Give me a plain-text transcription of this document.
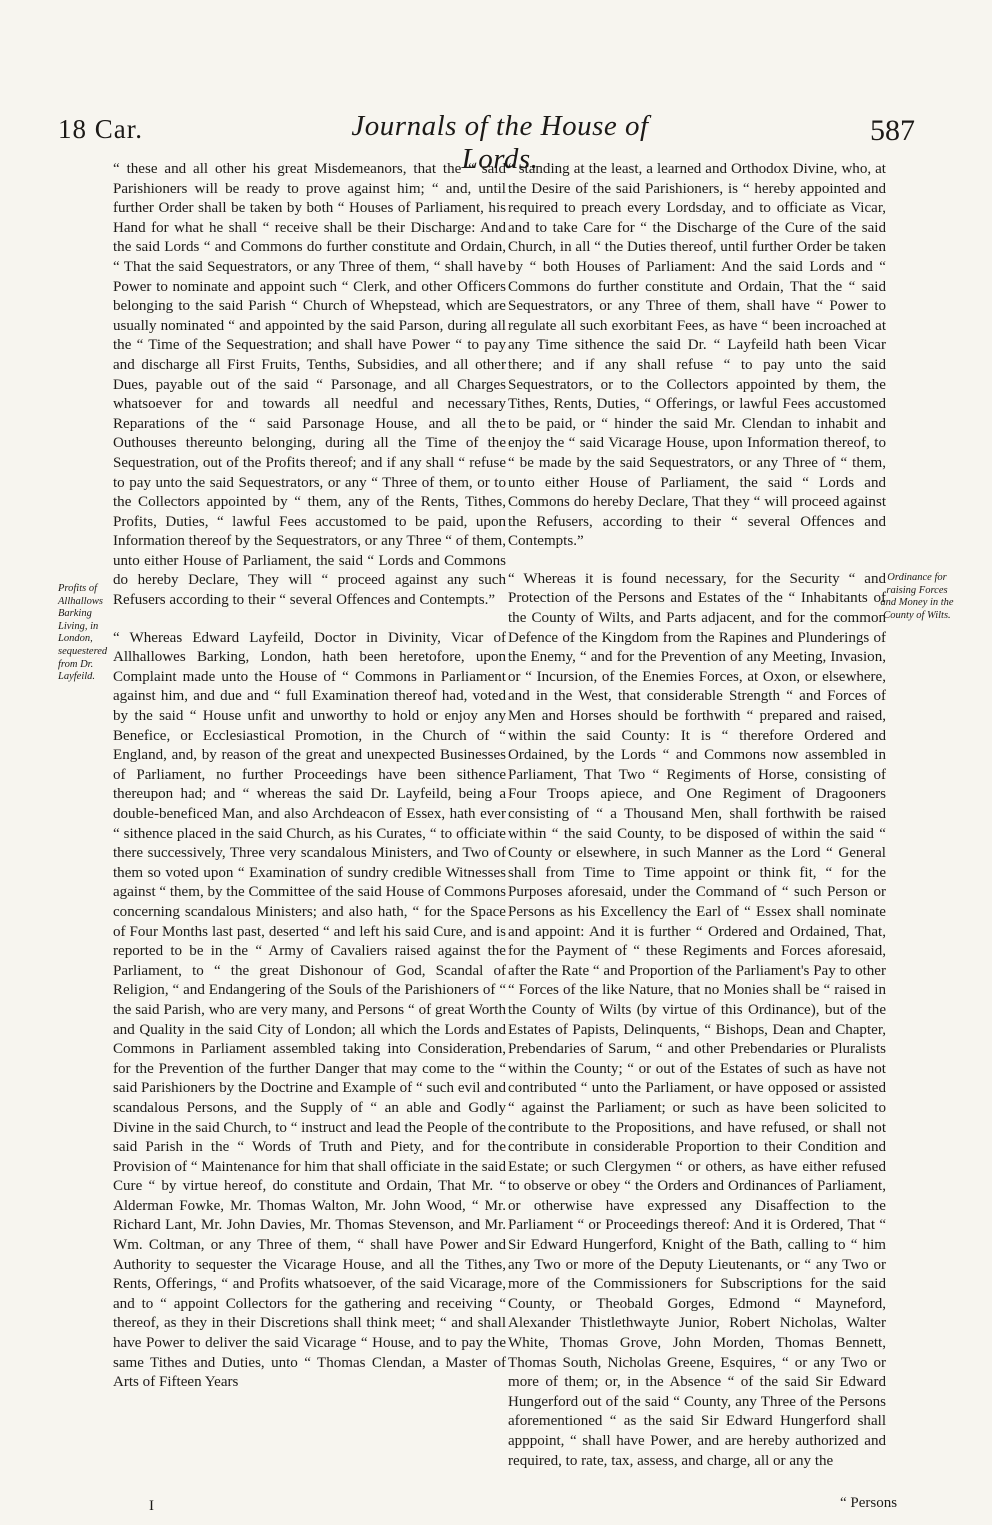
18 Car.	Journals of the House of Lords.
587

“ these and all other his great Misdemeanors, that the “ said Parishioners will be ready to prove against him; “ and, until further Order shall be taken by both “ Houses of Parliament, his Hand for what he shall “ receive shall be their Discharge: And the said Lords “ and Commons do further constitute and Ordain, “ That the said Sequestrators, or any Three of them, “ shall have Power to nominate and appoint such “ Clerk, and other Officers belonging to the said Parish “ Church of Whepstead, which are usually nominated “ and appointed by the said Parson, during all the “ Time of the Sequestration; and shall have Power “ to pay and discharge all First Fruits, Tenths, Subsidies, and all other Dues, payable out of the said “ Parsonage, and all Charges whatsoever for and towards all needful and necessary Reparations of the “ said Parsonage House, and all the Outhouses thereunto belonging, during all the Time of the Sequestration, out of the Profits thereof; and if any shall “ refuse to pay unto the said Sequestrators, or any “ Three of them, or to the Collectors appointed by “ them, any of the Rents, Tithes, Profits, Duties, “ lawful Fees accustomed to be paid, upon Information thereof by the Sequestrators, or any Three “ of them, unto either House of Parliament, the said “ Lords and Commons do hereby Declare, They will “ proceed against any such Refusers according to their “ several Offences and Contempts.”

“ Whereas Edward Layfeild, Doctor in Divinity, Vicar of Allhallowes Barking, London, hath been heretofore, upon Complaint made unto the House of “ Commons in Parliament against him, and due and “ full Examination thereof had, voted by the said “ House unfit and unworthy to hold or enjoy any Benefice, or Ecclesiastical Promotion, in the Church of “ England, and, by reason of the great and unexpected Businesses of Parliament, no further Proceedings have been sithence thereupon had; and “ whereas the said Dr. Layfeild, being a double-beneficed Man, and also Archdeacon of Essex, hath ever “ sithence placed in the said Church, as his Curates, “ to officiate there successively, Three very scandalous Ministers, and Two of them so voted upon “ Examination of sundry credible Witnesses against “ them, by the Committee of the said House of Commons concerning scandalous Ministers; and also hath, “ for the Space of Four Months last past, deserted “ and left his said Cure, and is reported to be in the “ Army of Cavaliers raised against the Parliament, to “ the great Dishonour of God, Scandal of Religion, “ and Endangering of the Souls of the Parishioners of “ the said Parish, who are very many, and Persons “ of great Worth and Quality in the said City of London; all which the Lords and Commons in Parliament assembled taking into Consideration, for the Prevention of the further Danger that may come to the “ said Parishioners by the Doctrine and Example of “ such evil and scandalous Persons, and the Supply of “ an able and Godly Divine in the said Church, to “ instruct and lead the People of the said Parish in the “ Words of Truth and Piety, and for the Provision of “ Maintenance for him that shall officiate in the said Cure “ by virtue hereof, do constitute and Ordain, That Mr. “ Alderman Fowke, Mr. Thomas Walton, Mr. John Wood, “ Mr. Richard Lant, Mr. John Davies, Mr. Thomas Stevenson, and Mr. Wm. Coltman, or any Three of them, “ shall have Power and Authority to sequester the Vicarage House, and all the Tithes, Rents, Offerings, “ and Profits whatsoever, of the said Vicarage, and to “ appoint Collectors for the gathering and receiving “ thereof, as they in their Discretions shall think meet; “ and shall have Power to deliver the said Vicarage “ House, and to pay the same Tithes and Duties, unto “ Thomas Clendan, a Master of Arts of Fifteen Years

“ standing at the least, a learned and Orthodox Divine, who, at the Desire of the said Parishioners, is “ hereby appointed and required to preach every Lordsday, and to officiate as Vicar, and to take Care for “ the Discharge of the Cure of the said Church, in all “ the Duties thereof, until further Order be taken by “ both Houses of Parliament: And the said Lords and “ Commons do further constitute and Ordain, That the “ said Sequestrators, or any Three of them, shall have “ Power to regulate all such exorbitant Fees, as have “ been incroached at any Time sithence the said Dr. “ Layfeild hath been Vicar there; and if any shall refuse “ to pay unto the said Sequestrators, or to the Collectors appointed by them, the Tithes, Rents, Duties, “ Offerings, or lawful Fees accustomed to be paid, or “ hinder the said Mr. Clendan to inhabit and enjoy the “ said Vicarage House, upon Information thereof, to “ be made by the said Sequestrators, or any Three of “ them, unto either House of Parliament, the said “ Lords and Commons do hereby Declare, That they “ will proceed against the Refusers, according to their “ several Offences and Contempts.”

“ Whereas it is found necessary, for the Security “ and Protection of the Persons and Estates of the “ Inhabitants of the County of Wilts, and Parts adjacent, and for the common Defence of the Kingdom from the Rapines and Plunderings of the Enemy, “ and for the Prevention of any Meeting, Invasion, or “ Incursion, of the Enemies Forces, at Oxon, or elsewhere, and in the West, that considerable Strength “ and Forces of Men and Horses should be forthwith “ prepared and raised, within the said County: It is “ therefore Ordered and Ordained, by the Lords “ and Commons now assembled in Parliament, That Two “ Regiments of Horse, consisting of Four Troops apiece, and One Regiment of Dragooners consisting of “ a Thousand Men, shall forthwith be raised within “ the said County, to be disposed of within the said “ County or elsewhere, in such Manner as the Lord “ General shall from Time to Time appoint or think fit, “ for the Purposes aforesaid, under the Command of “ such Person or Persons as his Excellency the Earl of “ Essex shall nominate and appoint: And it is further “ Ordered and Ordained, That, for the Payment of “ these Regiments and Forces aforesaid, after the Rate “ and Proportion of the Parliament's Pay to other “ Forces of the like Nature, that no Monies shall be “ raised in the County of Wilts (by virtue of this Ordinance), but of the Estates of Papists, Delinquents, “ Bishops, Dean and Chapter, Prebendaries of Sarum, “ and other Prebendaries or Pluralists within the County; “ or out of the Estates of such as have not contributed “ unto the Parliament, or have opposed or assisted “ against the Parliament; or such as have been solicited to contribute to the Propositions, and have refused, or shall not contribute in considerable Proportion to their Condition and Estate; or such Clergymen “ or others, as have either refused to observe or obey “ the Orders and Ordinances of Parliament, or otherwise have expressed any Disaffection to the Parliament “ or Proceedings thereof: And it is Ordered, That “ Sir Edward Hungerford, Knight of the Bath, calling to “ him any Two or more of the Deputy Lieutenants, or “ any Two or more of the Commissioners for Subscriptions for the said County, or Theobald Gorges, Edmond “ Mayneford, Alexander Thistlethwayte Junior, Robert Nicholas, Walter White, Thomas Grove, John Morden, Thomas Bennett, Thomas South, Nicholas Greene, Esquires, “ or any Two or more of them; or, in the Absence “ of the said Sir Edward Hungerford out of the said “ County, any Three of the Persons aforementioned “ as the said Sir Edward Hungerford shall apppoint, “ shall have Power, and are hereby authorized and required, to rate, tax, assess, and charge, all or any the

Profits of Allhallows Barking Living, in London, sequestered from Dr. Layfeild.
Ordinance for raising Forces and Money in the County of Wilts.
I	“ Persons
